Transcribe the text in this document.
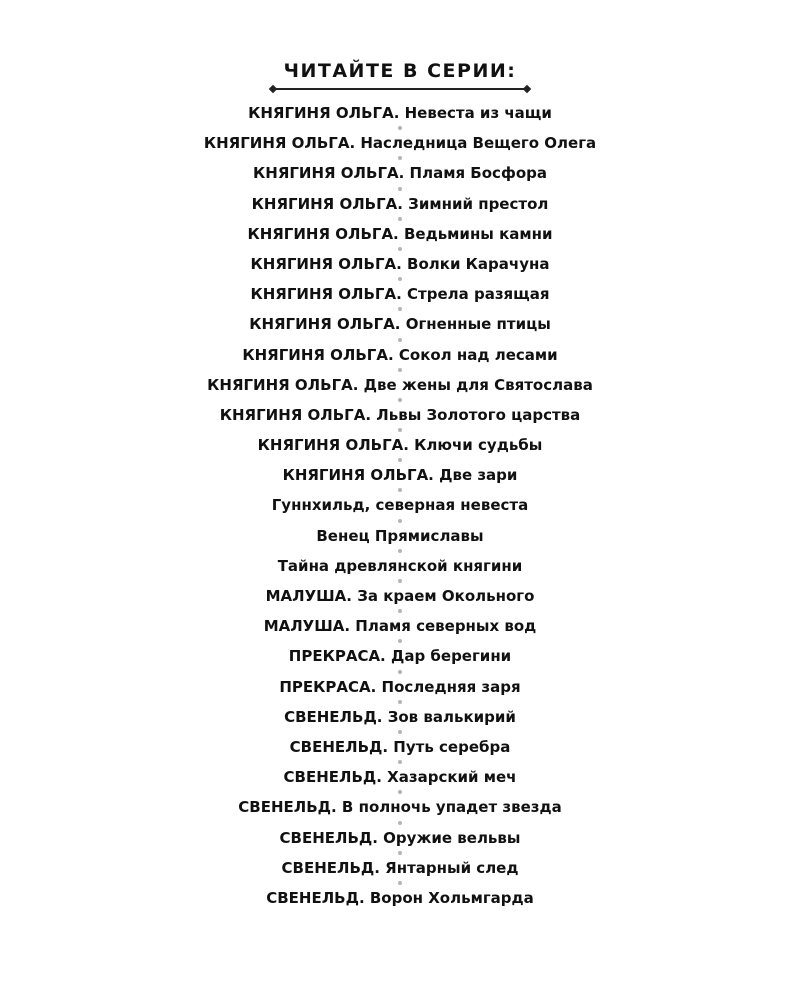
ЧИТАЙТЕ В СЕРИИ:
КНЯГИНЯ ОЛЬГА. Невеста из чащи
КНЯГИНЯ ОЛЬГА. Наследница Вещего Олега
КНЯГИНЯ ОЛЬГА. Пламя Босфора
КНЯГИНЯ ОЛЬГА. Зимний престол
КНЯГИНЯ ОЛЬГА. Ведьмины камни
КНЯГИНЯ ОЛЬГА. Волки Карачуна
КНЯГИНЯ ОЛЬГА. Стрела разящая
КНЯГИНЯ ОЛЬГА. Огненные птицы
КНЯГИНЯ ОЛЬГА. Сокол над лесами
КНЯГИНЯ ОЛЬГА. Две жены для Святослава
КНЯГИНЯ ОЛЬГА. Львы Золотого царства
КНЯГИНЯ ОЛЬГА. Ключи судьбы
КНЯГИНЯ ОЛЬГА. Две зари
Гуннхильд, северная невеста
Венец Прямиславы
Тайна древлянской княгини
МАЛУША. За краем Окольного
МАЛУША. Пламя северных вод
ПРЕКРАСА. Дар берегини
ПРЕКРАСА. Последняя заря
СВЕНЕЛЬД. Зов валькирий
СВЕНЕЛЬД. Путь серебра
СВЕНЕЛЬД. Хазарский меч
СВЕНЕЛЬД. В полночь упадет звезда
СВЕНЕЛЬД. Оружие вельвы
СВЕНЕЛЬД. Янтарный след
СВЕНЕЛЬД. Ворон Хольмгарда
